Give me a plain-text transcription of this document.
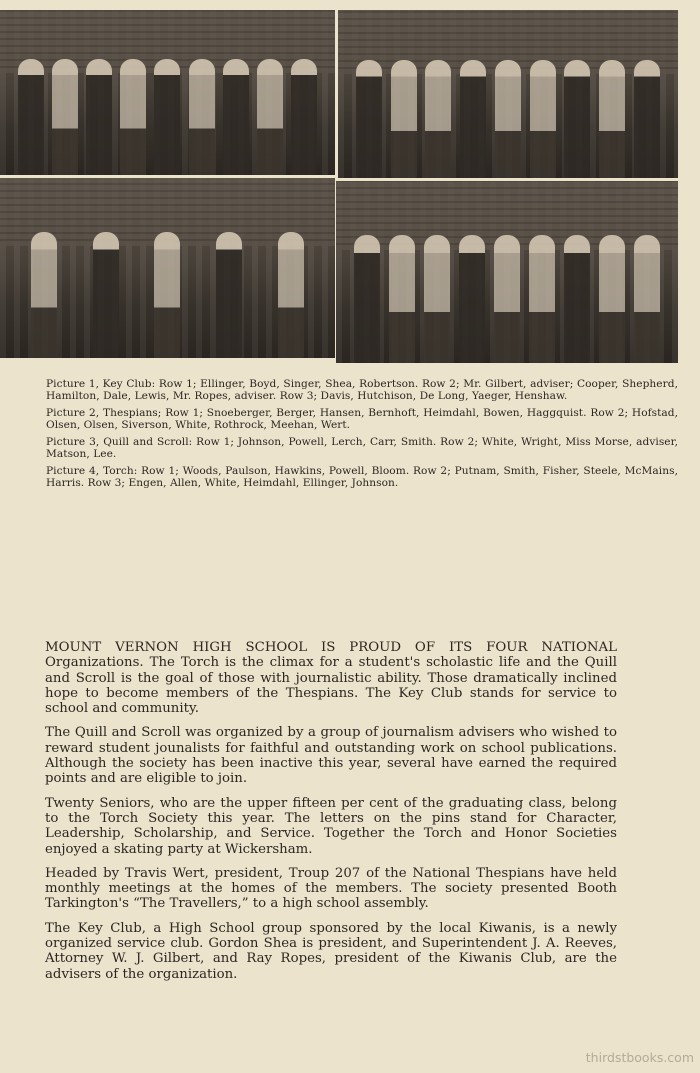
Picture 1, Key Club: Row 1; Ellinger, Boyd, Singer, Shea, Robertson. Row 2; Mr. Gilbert, adviser; Cooper, Shepherd, Hamilton, Dale, Lewis, Mr. Ropes, adviser. Row 3; Davis, Hutchison, De Long, Yaeger, Henshaw.

Picture 2, Thespians; Row 1; Snoeberger, Berger, Hansen, Bernhoft, Heimdahl, Bowen, Haggquist. Row 2; Hofstad, Olsen, Olsen, Siverson, White, Rothrock, Meehan, Wert.

Picture 3, Quill and Scroll: Row 1; Johnson, Powell, Lerch, Carr, Smith. Row 2; White, Wright, Miss Morse, adviser, Matson, Lee.

Picture 4, Torch: Row 1; Woods, Paulson, Hawkins, Powell, Bloom. Row 2; Putnam, Smith, Fisher, Steele, McMains, Harris. Row 3; Engen, Allen, White, Heimdahl, Ellinger, Johnson.

MOUNT VERNON HIGH SCHOOL IS PROUD OF ITS FOUR NATIONAL Organizations. The Torch is the climax for a student's scholastic life and the Quill and Scroll is the goal of those with journalistic ability. Those dramatically inclined hope to become members of the Thespians. The Key Club stands for service to school and community.

The Quill and Scroll was organized by a group of journalism advisers who wished to reward student jounalists for faithful and outstanding work on school publications. Although the society has been inactive this year, several have earned the required points and are eligible to join.

Twenty Seniors, who are the upper fifteen per cent of the graduating class, belong to the Torch Society this year. The letters on the pins stand for Character, Leadership, Scholarship, and Service. Together the Torch and Honor Societies enjoyed a skating party at Wickersham.

Headed by Travis Wert, president, Troup 207 of the National Thespians have held monthly meetings at the homes of the members. The society presented Booth Tarkington's “The Travellers,” to a high school assembly.

The Key Club, a High School group sponsored by the local Kiwanis, is a newly organized service club. Gordon Shea is president, and Superintendent J. A. Reeves, Attorney W. J. Gilbert, and Ray Ropes, president of the Kiwanis Club, are the advisers of the organization.

thirdstbooks.com
